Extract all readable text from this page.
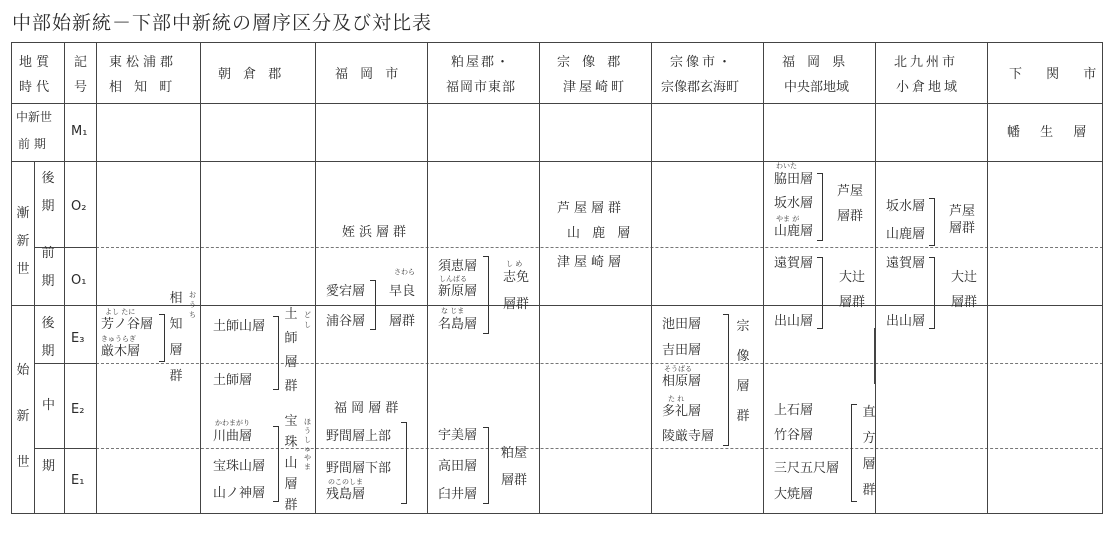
中部始新統－下部中新統の層序区分及び対比表
地 質
時 代
記
号
東松浦郡
相 知 町
朝 倉 郡	福 岡 市
粕屋郡・
福岡市東部
宗 像 郡
津屋崎町
宗像市・
宗像郡玄海町
福 岡 県
中央部地域
北九州市
小倉地域
下 関 市
中新世
前 期
漸新世
始新世
後期
前期
後期
中
期
M₁
O₂
O₁
E₃
E₂
E₁
幡 生 層
芦屋層群
山 鹿 層
津屋崎層
わいた
脇田層
坂水層
やま が
山鹿層
芦屋
層群
遠賀層
出山層
大辻
層群
上石層
竹谷層
三尺五尺層
大焼層
直方層群
坂水層
山鹿層
芦屋
層群
遠賀層
出山層
大辻
層群
池田層
吉田層
そうばる
相原層
た れ
多礼層
陵厳寺層
宗像層群
須恵層
しんばる
新原層
な じま
名島層
し め
志免
層群
宇美層
高田層
臼井層
粕屋
層群
姪浜層群
愛宕層
浦谷層
さわら
早良
層群
福 岡 層 群
野間層上部
野間層下部
のこのしま
残島層
土師山層
土師層
ど し
土師層群
かわまがり
川曲層
宝珠山層
山ノ神層
ほう しゅ やま
宝珠山層群
よし たに
芳ノ谷層
きゅうらぎ
厳木層
お う ち
相知層群
